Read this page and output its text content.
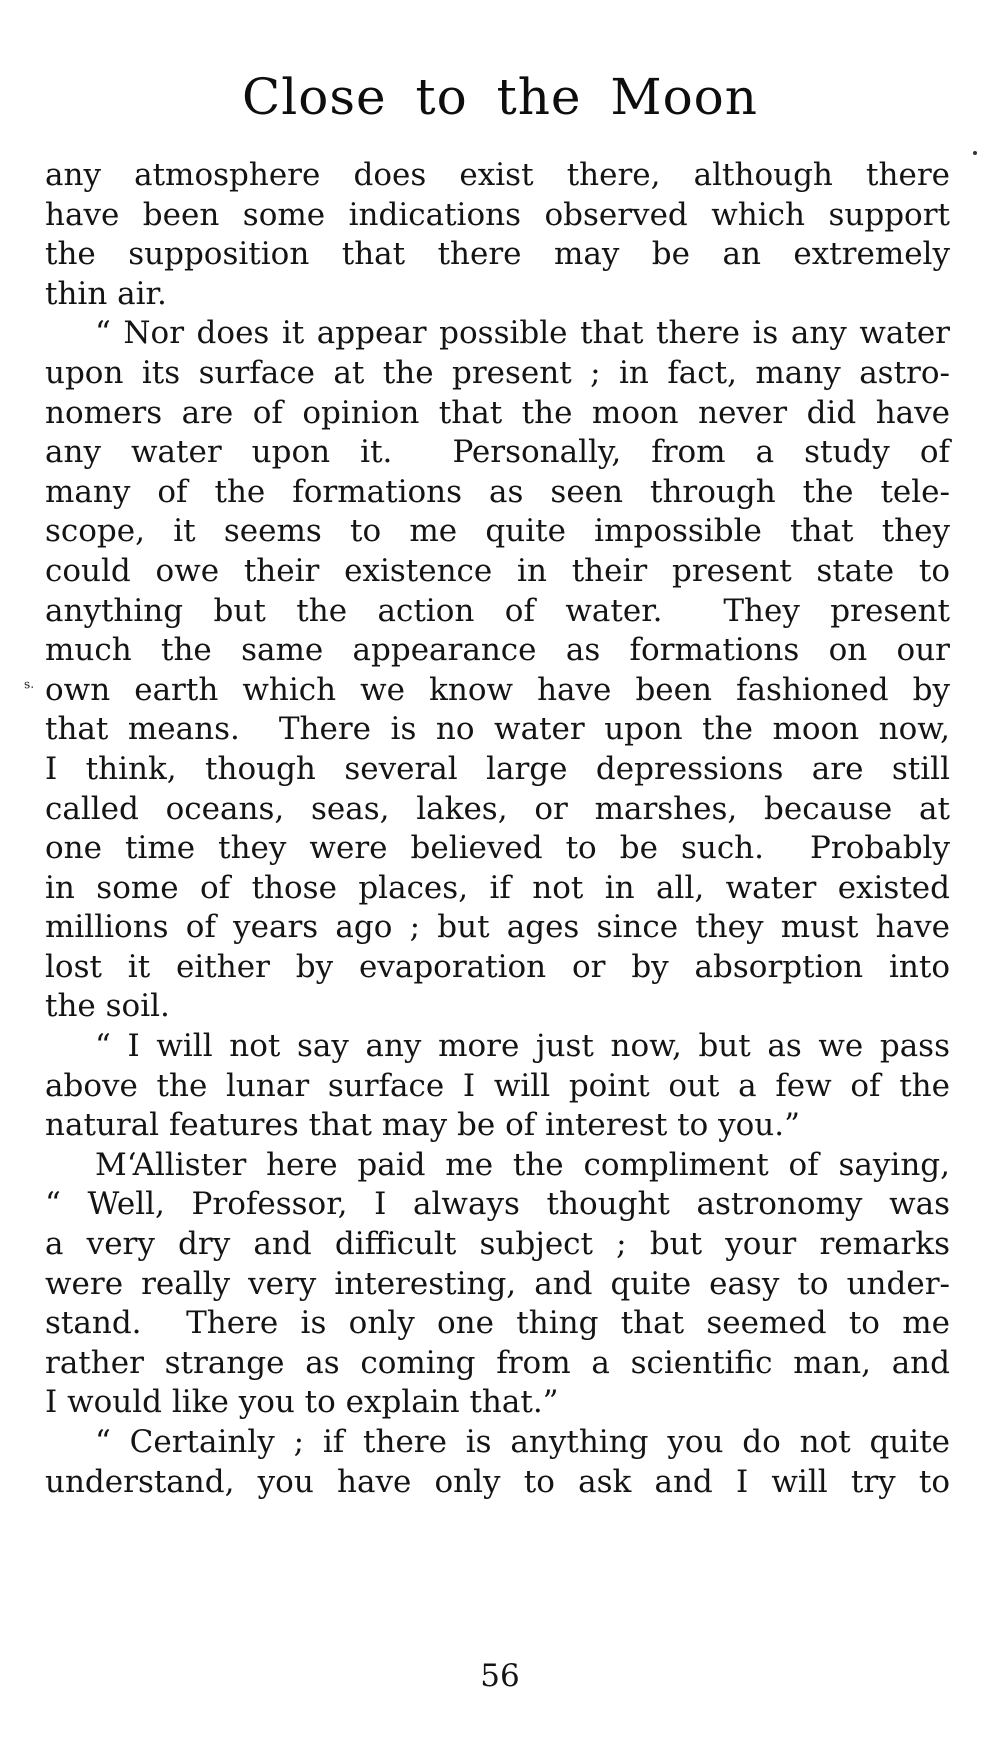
Close to the Moon
any atmosphere does exist there, although there
have been some indications observed which support
the supposition that there may be an extremely
thin air.
“ Nor does it appear possible that there is any water
upon its surface at the present ; in fact, many astro-
nomers are of opinion that the moon never did have
any water upon it.  Personally, from a study of
many of the formations as seen through the tele-
scope, it seems to me quite impossible that they
could owe their existence in their present state to
anything but the action of water.  They present
much the same appearance as formations on our
own earth which we know have been fashioned by
that means.  There is no water upon the moon now,
I think, though several large depressions are still
called oceans, seas, lakes, or marshes, because at
one time they were believed to be such.  Probably
in some of those places, if not in all, water existed
millions of years ago ; but ages since they must have
lost it either by evaporation or by absorption into
the soil.
“ I will not say any more just now, but as we pass
above the lunar surface I will point out a few of the
natural features that may be of interest to you.”
M‘Allister here paid me the compliment of saying,
“ Well, Professor, I always thought astronomy was
a very dry and difficult subject ; but your remarks
were really very interesting, and quite easy to under-
stand.  There is only one thing that seemed to me
rather strange as coming from a scientific man, and
I would like you to explain that.”
“ Certainly ; if there is anything you do not quite
understand, you have only to ask and I will try to
s.
56
